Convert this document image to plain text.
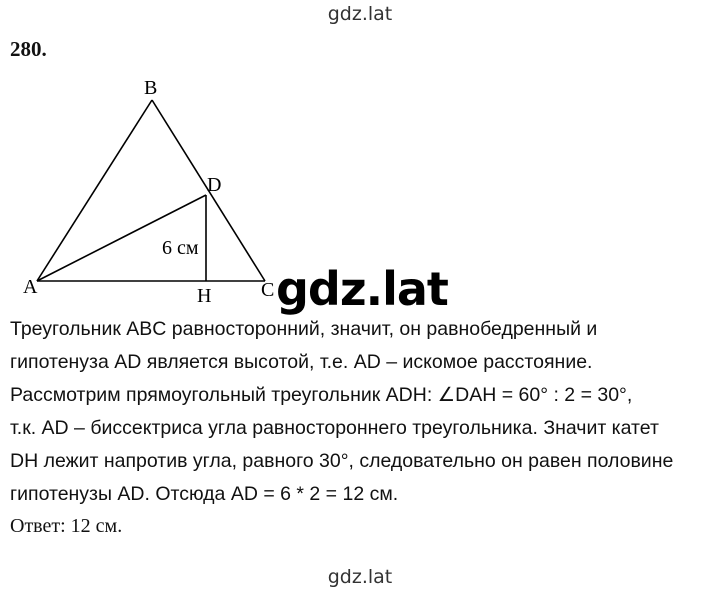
gdz.lat
280.
B
D
A	H C
6 см
gdz.lat
Треугольник ABC равносторонний, значит, он равнобедренный и
гипотенуза AD является высотой, т.е. AD – искомое расстояние.
Рассмотрим прямоугольный треугольник ADH: ∠DAH = 60° : 2 = 30°,
т.к. AD – биссектриса угла равностороннего треугольника. Значит катет
DH лежит напротив угла, равного 30°, следовательно он равен половине
гипотенузы AD. Отсюда AD = 6 * 2 = 12 см.
Ответ: 12 см.
gdz.lat
